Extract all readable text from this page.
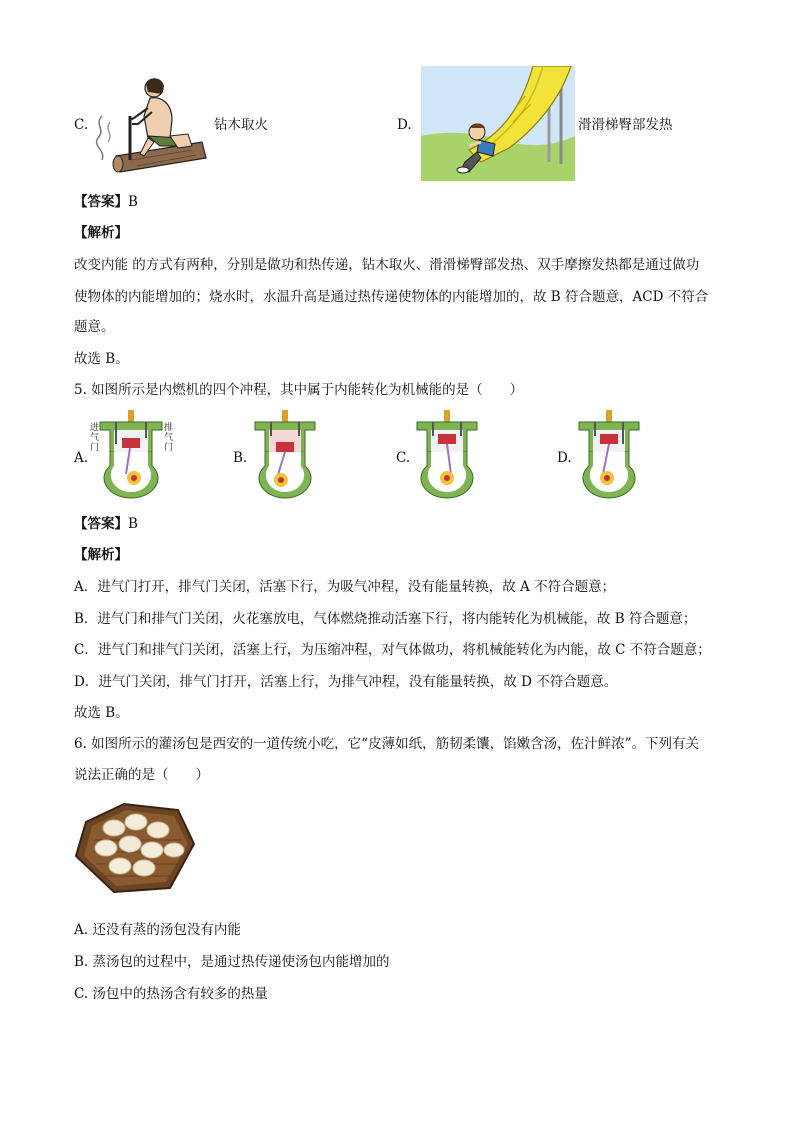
C.	钻木取火	D.	滑滑梯臀部发热
【答案】B
【解析】
改变内能 的方式有两种，分别是做功和热传递，钻木取火、滑滑梯臀部发热、双手摩擦发热都是通过做功
使物体的内能增加的；烧水时，水温升高是通过热传递使物体的内能增加的，故 B 符合题意，ACD 不符合
题意。
故选 B。
5. 如图所示是内燃机的四个冲程，其中属于内能转化为机械能的是（　　）
A.
进
气
门
排
气
门
B.	C.	D.
【答案】B
【解析】
A．进气门打开，排气门关闭，活塞下行，为吸气冲程，没有能量转换，故 A 不符合题意；
B．进气门和排气门关闭，火花塞放电，气体燃烧推动活塞下行，将内能转化为机械能，故 B 符合题意；
C．进气门和排气门关闭，活塞上行，为压缩冲程，对气体做功，将机械能转化为内能，故 C 不符合题意；
D．进气门关闭，排气门打开，活塞上行，为排气冲程，没有能量转换，故 D 不符合题意。
故选 B。
6. 如图所示的灌汤包是西安的一道传统小吃，它“皮薄如纸，筋韧柔馕，馅嫩含汤，佐汁鲜浓”。下列有关
说法正确的是（　　）
A. 还没有蒸的汤包没有内能
B. 蒸汤包的过程中，是通过热传递使汤包内能增加的
C. 汤包中的热汤含有较多的热量
